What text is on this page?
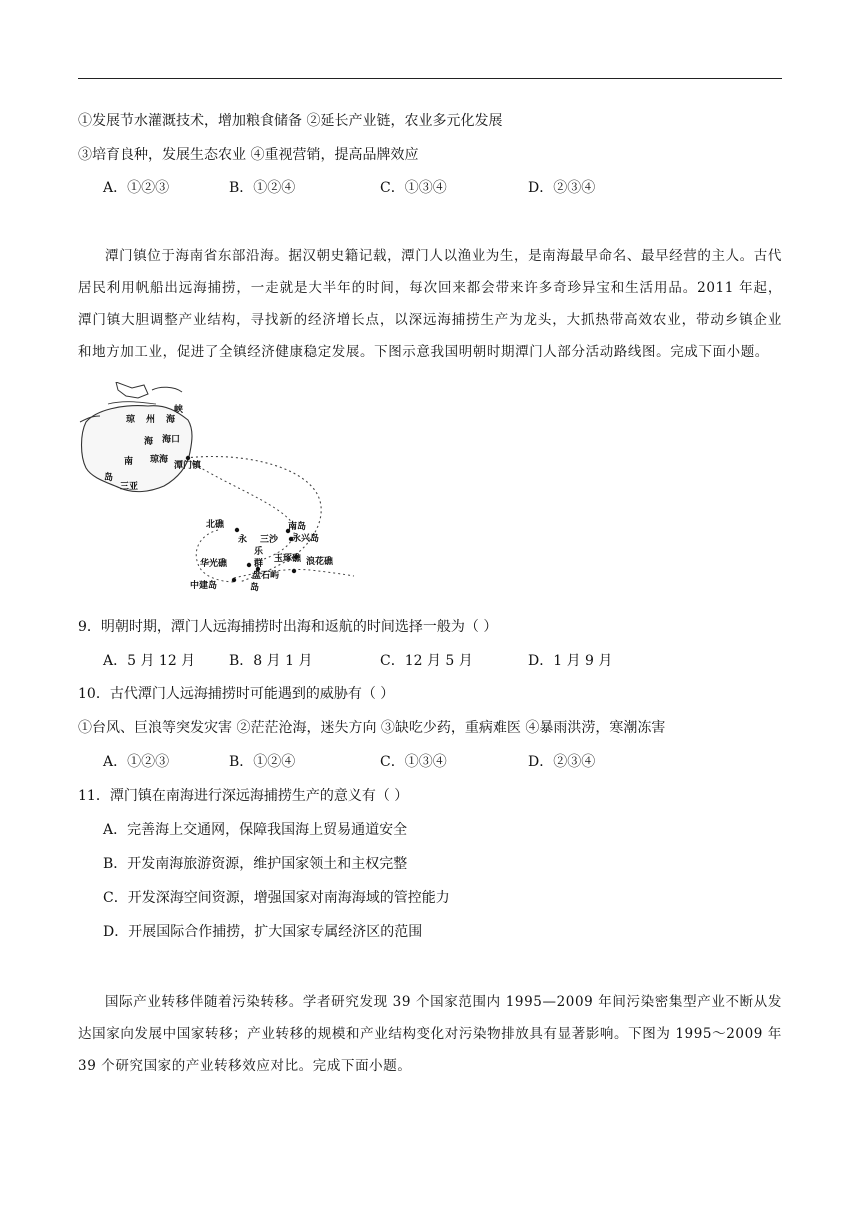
①发展节水灌溉技术，增加粮食储备 ②延长产业链，农业多元化发展
③培育良种，发展生态农业 ④重视营销，提高品牌效应
A．①②③	B．①②④	C．①③④	D．②③④

潭门镇位于海南省东部沿海。据汉朝史籍记载，潭门人以渔业为生，是南海最早命名、最早经营的主人。古代居民利用帆船出远海捕捞，一走就是大半年的时间，每次回来都会带来许多奇珍异宝和生活用品。2011 年起，潭门镇大胆调整产业结构，寻找新的经济增长点，以深远海捕捞生产为龙头，大抓热带高效农业，带动乡镇企业和地方加工业，促进了全镇经济健康稳定发展。下图示意我国明朝时期潭门人部分活动路线图。完成下面小题。

琼 州 海
峡
海口
海
南 琼海
潭门镇
岛
三亚
北礁
永 三沙
南岛
永兴岛
乐
玉琢礁 浪花礁
华光礁	群
盘石屿
中建岛	岛
9．明朝时期，潭门人远海捕捞时出海和返航的时间选择一般为（ ）
A．5 月 12 月 B．8 月 1 月	C．12 月 5 月	D．1 月 9 月
10．古代潭门人远海捕捞时可能遇到的威胁有（ ）
①台风、巨浪等突发灾害 ②茫茫沧海，迷失方向 ③缺吃少药，重病难医 ④暴雨洪涝，寒潮冻害
A．①②③	B．①②④	C．①③④	D．②③④
11．潭门镇在南海进行深远海捕捞生产的意义有（ ）
A．完善海上交通网，保障我国海上贸易通道安全
B．开发南海旅游资源，维护国家领土和主权完整
C．开发深海空间资源，增强国家对南海海域的管控能力
D．开展国际合作捕捞，扩大国家专属经济区的范围

国际产业转移伴随着污染转移。学者研究发现 39 个国家范围内 1995—2009 年间污染密集型产业不断从发达国家向发展中国家转移；产业转移的规模和产业结构变化对污染物排放具有显著影响。下图为 1995～2009 年 39 个研究国家的产业转移效应对比。完成下面小题。
